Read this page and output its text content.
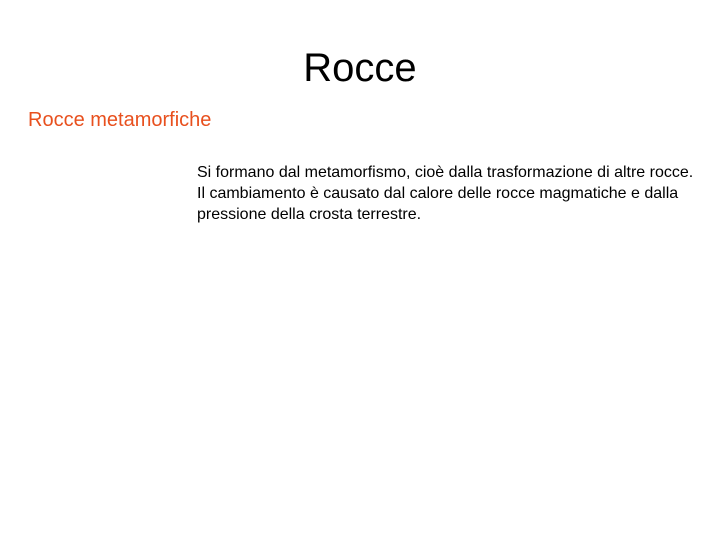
Rocce
Rocce metamorfiche

Si formano dal metamorfismo, cioè dalla trasformazione di altre rocce. Il cambiamento è causato dal calore delle rocce magmatiche e dalla pressione della crosta terrestre.
